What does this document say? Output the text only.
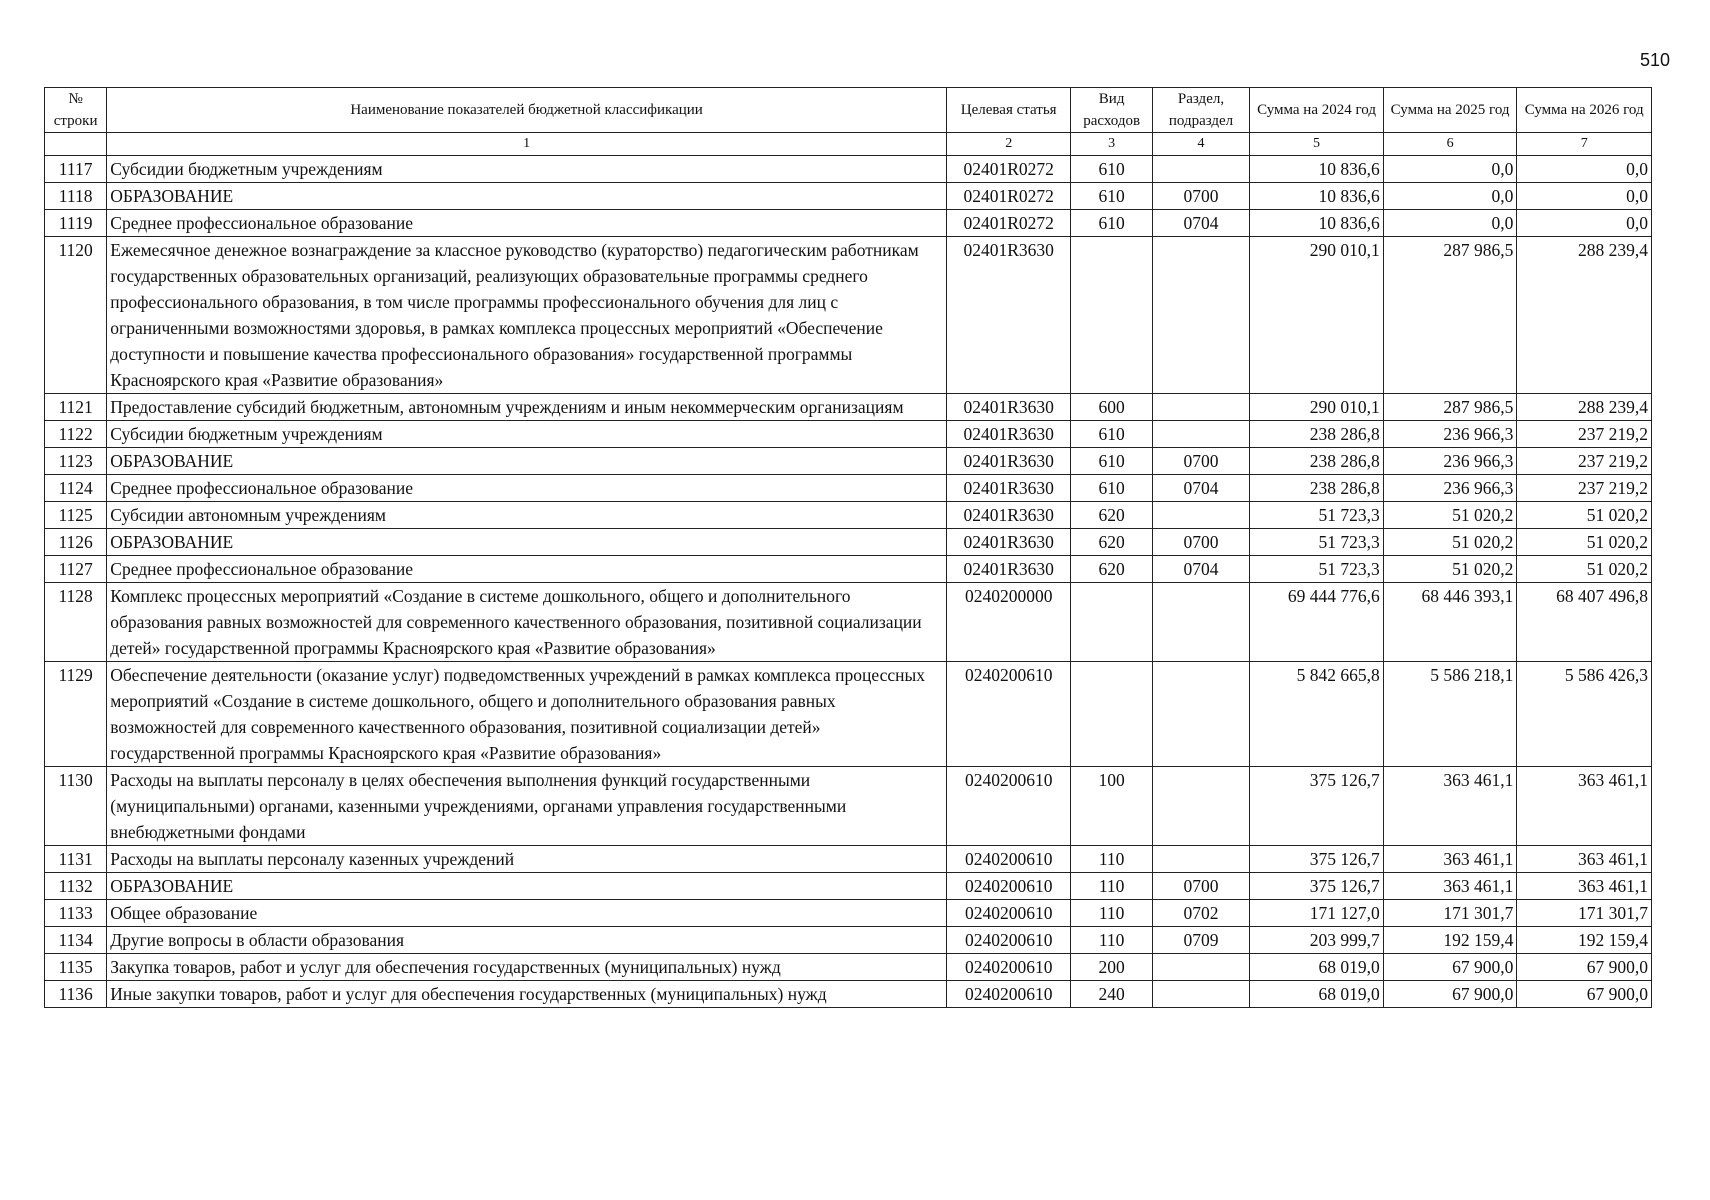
510
№ строки	Наименование показателей бюджетной классификации	Целевая статья	Вид расходов	Раздел, подраздел	Сумма на 2024 год	Сумма на 2025 год	Сумма на 2026 год
	1	2	3	4	5	6	7
1117	Субсидии бюджетным учреждениям	02401R0272	610		10 836,6	0,0	0,0
1118	ОБРАЗОВАНИЕ	02401R0272	610	0700	10 836,6	0,0	0,0
1119	Среднее профессиональное образование	02401R0272	610	0704	10 836,6	0,0	0,0
1120	Ежемесячное денежное вознаграждение за классное руководство (кураторство) педагогическим работникам государственных образовательных организаций, реализующих образовательные программы среднего профессионального образования, в том числе программы профессионального обучения для лиц с ограниченными возможностями здоровья, в рамках комплекса процессных мероприятий «Обеспечение доступности и повышение качества профессионального образования» государственной программы Красноярского края «Развитие образования»	02401R3630			290 010,1	287 986,5	288 239,4
1121	Предоставление субсидий бюджетным, автономным учреждениям и иным некоммерческим организациям	02401R3630	600		290 010,1	287 986,5	288 239,4
1122	Субсидии бюджетным учреждениям	02401R3630	610		238 286,8	236 966,3	237 219,2
1123	ОБРАЗОВАНИЕ	02401R3630	610	0700	238 286,8	236 966,3	237 219,2
1124	Среднее профессиональное образование	02401R3630	610	0704	238 286,8	236 966,3	237 219,2
1125	Субсидии автономным учреждениям	02401R3630	620		51 723,3	51 020,2	51 020,2
1126	ОБРАЗОВАНИЕ	02401R3630	620	0700	51 723,3	51 020,2	51 020,2
1127	Среднее профессиональное образование	02401R3630	620	0704	51 723,3	51 020,2	51 020,2
1128	Комплекс процессных мероприятий «Создание в системе дошкольного, общего и дополнительного образования равных возможностей для современного качественного образования, позитивной социализации детей» государственной программы Красноярского края «Развитие образования»	0240200000			69 444 776,6	68 446 393,1	68 407 496,8
1129	Обеспечение деятельности (оказание услуг) подведомственных учреждений в рамках комплекса процессных мероприятий «Создание в системе дошкольного, общего и дополнительного образования равных возможностей для современного качественного образования, позитивной социализации детей» государственной программы Красноярского края «Развитие образования»	0240200610			5 842 665,8	5 586 218,1	5 586 426,3
1130	Расходы на выплаты персоналу в целях обеспечения выполнения функций государственными (муниципальными) органами, казенными учреждениями, органами управления государственными внебюджетными фондами	0240200610	100		375 126,7	363 461,1	363 461,1
1131	Расходы на выплаты персоналу казенных учреждений	0240200610	110		375 126,7	363 461,1	363 461,1
1132	ОБРАЗОВАНИЕ	0240200610	110	0700	375 126,7	363 461,1	363 461,1
1133	Общее образование	0240200610	110	0702	171 127,0	171 301,7	171 301,7
1134	Другие вопросы в области образования	0240200610	110	0709	203 999,7	192 159,4	192 159,4
1135	Закупка товаров, работ и услуг для обеспечения государственных (муниципальных) нужд	0240200610	200		68 019,0	67 900,0	67 900,0
1136	Иные закупки товаров, работ и услуг для обеспечения государственных (муниципальных) нужд	0240200610	240		68 019,0	67 900,0	67 900,0
